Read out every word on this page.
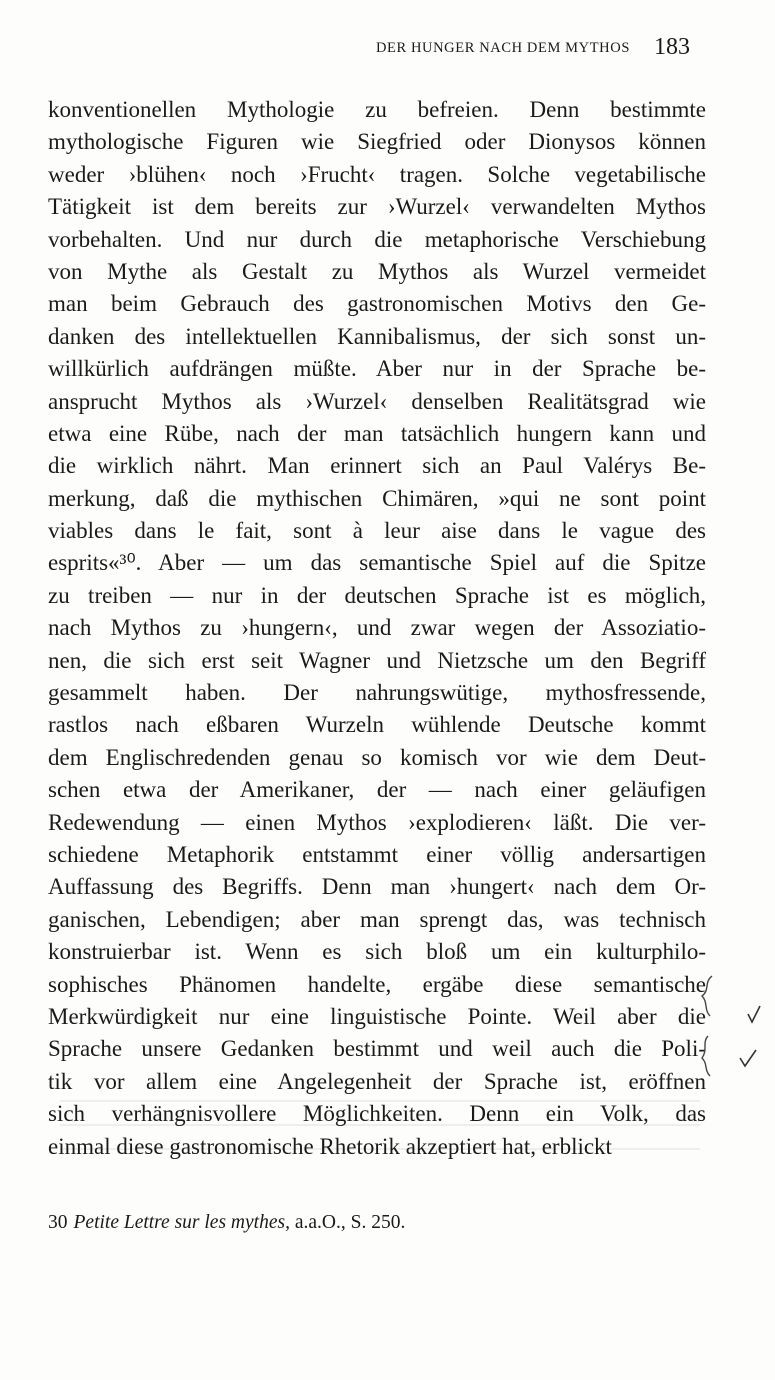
DER HUNGER NACH DEM MYTHOS 183
konventionellen Mythologie zu befreien. Denn bestimmte
mythologische Figuren wie Siegfried oder Dionysos können
weder ›blühen‹ noch ›Frucht‹ tragen. Solche vegetabilische
Tätigkeit ist dem bereits zur ›Wurzel‹ verwandelten Mythos
vorbehalten. Und nur durch die metaphorische Verschiebung
von Mythe als Gestalt zu Mythos als Wurzel vermeidet
man beim Gebrauch des gastronomischen Motivs den Ge-
danken des intellektuellen Kannibalismus, der sich sonst un-
willkürlich aufdrängen müßte. Aber nur in der Sprache be-
ansprucht Mythos als ›Wurzel‹ denselben Realitätsgrad wie
etwa eine Rübe, nach der man tatsächlich hungern kann und
die wirklich nährt. Man erinnert sich an Paul Valérys Be-
merkung, daß die mythischen Chimären, »qui ne sont point
viables dans le fait, sont à leur aise dans le vague des
esprits«³⁰. Aber — um das semantische Spiel auf die Spitze
zu treiben — nur in der deutschen Sprache ist es möglich,
nach Mythos zu ›hungern‹, und zwar wegen der Assoziatio-
nen, die sich erst seit Wagner und Nietzsche um den Begriff
gesammelt haben. Der nahrungswütige, mythosfressende,
rastlos nach eßbaren Wurzeln wühlende Deutsche kommt
dem Englischredenden genau so komisch vor wie dem Deut-
schen etwa der Amerikaner, der — nach einer geläufigen
Redewendung — einen Mythos ›explodieren‹ läßt. Die ver-
schiedene Metaphorik entstammt einer völlig andersartigen
Auffassung des Begriffs. Denn man ›hungert‹ nach dem Or-
ganischen, Lebendigen; aber man sprengt das, was technisch
konstruierbar ist. Wenn es sich bloß um ein kulturphilo-
sophisches Phänomen handelte, ergäbe diese semantische
Merkwürdigkeit nur eine linguistische Pointe. Weil aber die
Sprache unsere Gedanken bestimmt und weil auch die Poli-
tik vor allem eine Angelegenheit der Sprache ist, eröffnen
sich verhängnisvollere Möglichkeiten. Denn ein Volk, das
einmal diese gastronomische Rhetorik akzeptiert hat, erblickt
30 Petite Lettre sur les mythes, a.a.O., S. 250.
